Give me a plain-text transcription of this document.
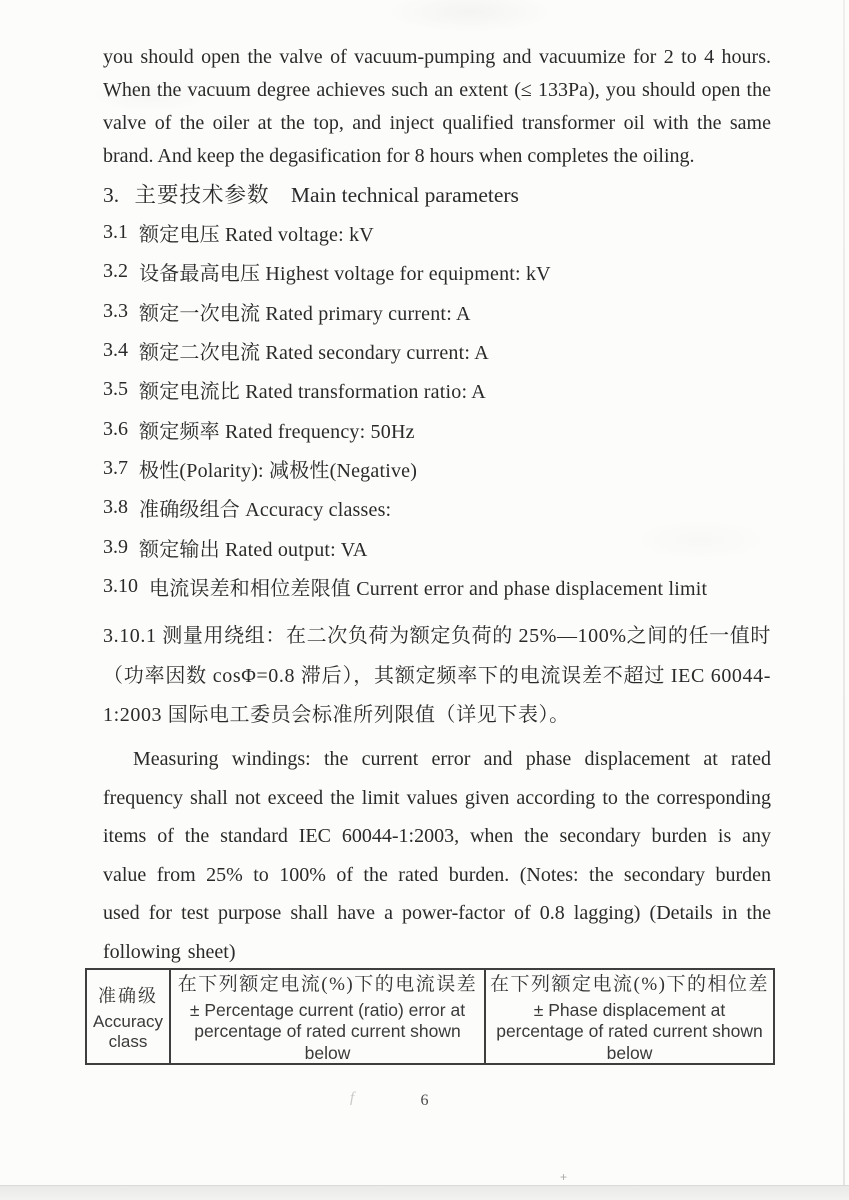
you should open the valve of vacuum-pumping and vacuumize for 2 to 4 hours. When the vacuum degree achieves such an extent (≤ 133Pa), you should open the valve of the oiler at the top, and inject qualified transformer oil with the same brand. And keep the degasification for 8 hours when completes the oiling.

3. 主要技术参数 Main technical parameters
3.1 额定电压 Rated voltage: kV
3.2 设备最高电压 Highest voltage for equipment: kV
3.3 额定一次电流 Rated primary current: A
3.4 额定二次电流 Rated secondary current: A
3.5 额定电流比 Rated transformation ratio: A
3.6 额定频率 Rated frequency: 50Hz
3.7 极性(Polarity): 减极性(Negative)
3.8 准确级组合 Accuracy classes:
3.9 额定输出 Rated output: VA
3.10 电流误差和相位差限值 Current error and phase displacement limit

3.10.1 测量用绕组：在二次负荷为额定负荷的 25%—100%之间的任一值时（功率因数 cosΦ=0.8 滞后），其额定频率下的电流误差不超过 IEC 60044-1:2003 国际电工委员会标准所列限值（详见下表）。

Measuring windings: the current error and phase displacement at rated frequency shall not exceed the limit values given according to the corresponding items of the standard IEC 60044-1:2003, when the secondary burden is any value from 25% to 100% of the rated burden. (Notes: the secondary burden used for test purpose shall have a power-factor of 0.8 lagging) (Details in the following sheet)

准确级
Accuracy class
在下列额定电流(%)下的电流误差
± Percentage current (ratio) error at percentage of rated current shown below
在下列额定电流(%)下的相位差
± Phase displacement at percentage of rated current shown below
6
f
+
